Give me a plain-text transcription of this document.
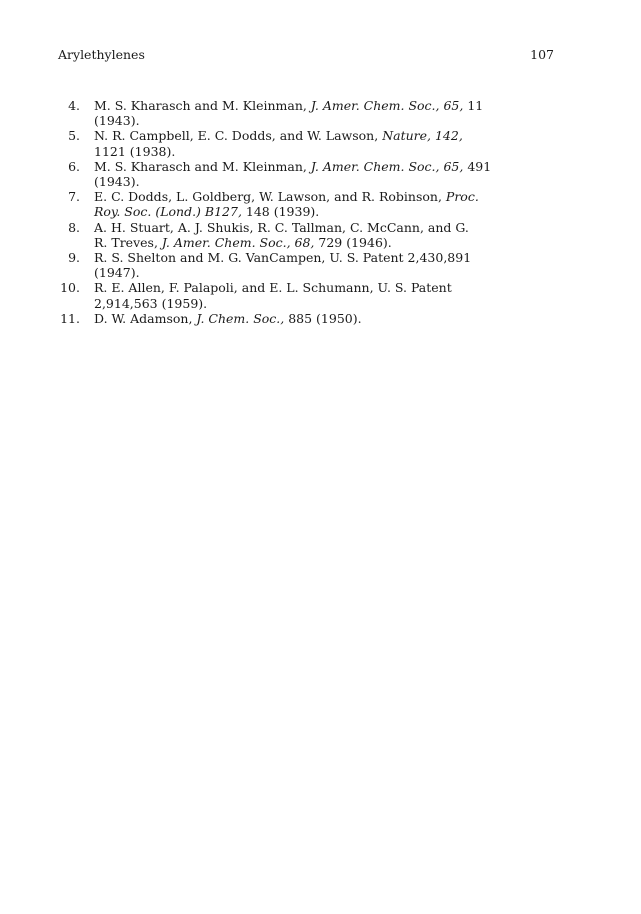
Arylethylenes	107
4. M. S. Kharasch and M. Kleinman, J. Amer. Chem. Soc., 65, 11
(1943).
5. N. R. Campbell, E. C. Dodds, and W. Lawson, Nature, 142,
1121 (1938).
6. M. S. Kharasch and M. Kleinman, J. Amer. Chem. Soc., 65, 491
(1943).
7. E. C. Dodds, L. Goldberg, W. Lawson, and R. Robinson, Proc.
Roy. Soc. (Lond.) B127, 148 (1939).
8. A. H. Stuart, A. J. Shukis, R. C. Tallman, C. McCann, and G.
R. Treves, J. Amer. Chem. Soc., 68, 729 (1946).
9. R. S. Shelton and M. G. VanCampen, U. S. Patent 2,430,891
(1947).
10. R. E. Allen, F. Palapoli, and E. L. Schumann, U. S. Patent
2,914,563 (1959).
11. D. W. Adamson, J. Chem. Soc., 885 (1950).
